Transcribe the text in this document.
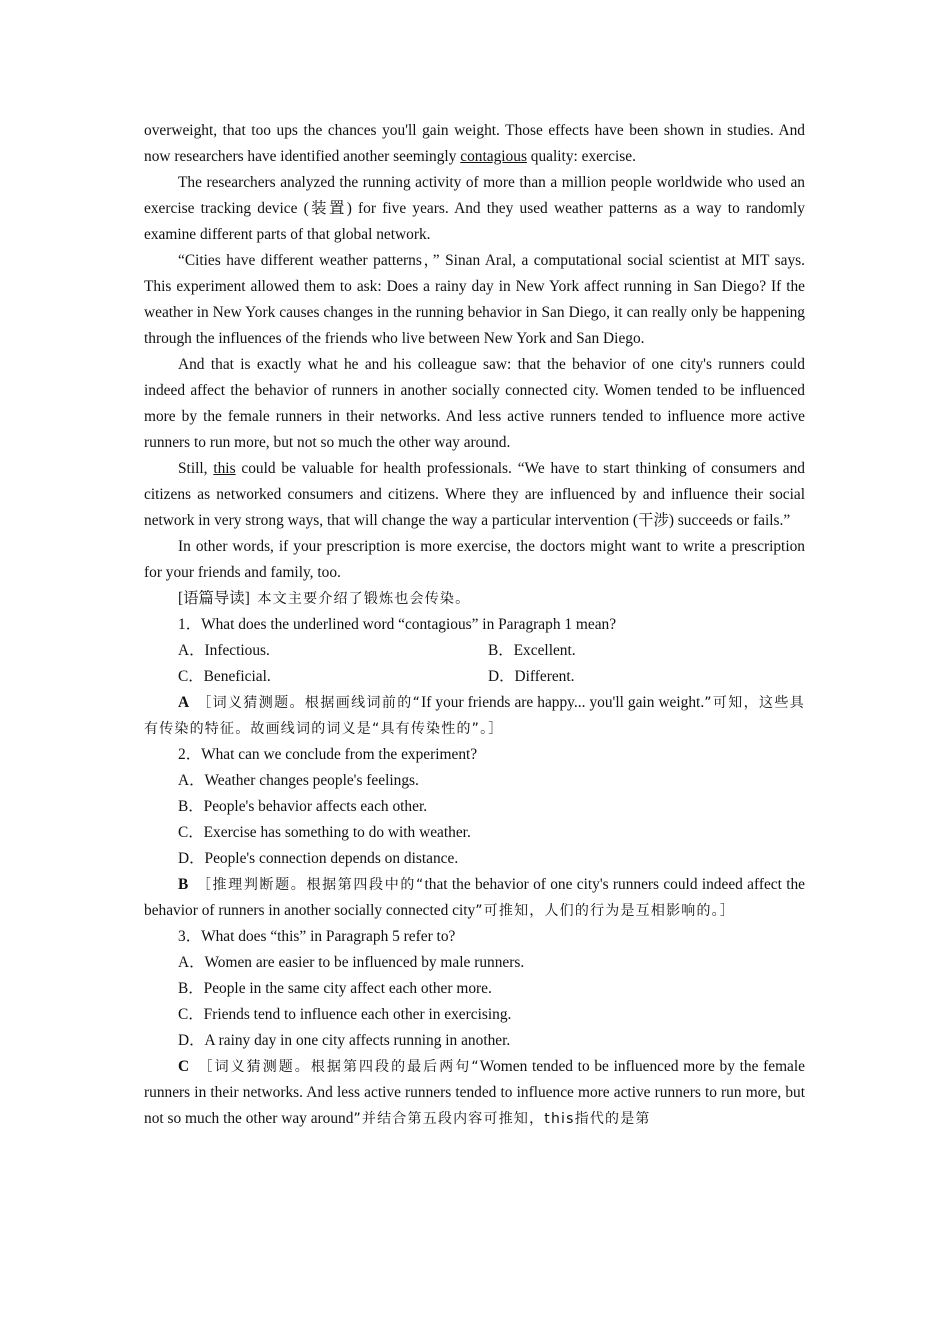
overweight, that too ups the chances you'll gain weight. Those effects have been shown in studies. And now researchers have identified another seemingly contagious quality: exercise.

The researchers analyzed the running activity of more than a million people worldwide who used an exercise tracking device (装置) for five years. And they used weather patterns as a way to randomly examine different parts of that global network.

“Cities have different weather patterns，” Sinan Aral, a computational social scientist at MIT says. This experiment allowed them to ask: Does a rainy day in New York affect running in San Diego? If the weather in New York causes changes in the running behavior in San Diego, it can really only be happening through the influences of the friends who live between New York and San Diego.

And that is exactly what he and his colleague saw: that the behavior of one city's runners could indeed affect the behavior of runners in another socially connected city. Women tended to be influenced more by the female runners in their networks. And less active runners tended to influence more active runners to run more, but not so much the other way around.

Still, this could be valuable for health professionals. “We have to start thinking of consumers and citizens as networked consumers and citizens. Where they are influenced by and influence their social network in very strong ways, that will change the way a particular intervention (干涉) succeeds or fails.”

In other words, if your prescription is more exercise, the doctors might want to write a prescription for your friends and family, too.

[语篇导读] 本文主要介绍了锻炼也会传染。

1．What does the underlined word “contagious” in Paragraph 1 mean?

A．Infectious.	B．Excellent.
C．Beneficial.	D．Different.

A ［词义猜测题。根据画线词前的“If your friends are happy... you'll gain weight.”可知，这些具有传染的特征。故画线词的词义是“具有传染性的”。］

2．What can we conclude from the experiment?

A．Weather changes people's feelings.

B．People's behavior affects each other.

C．Exercise has something to do with weather.

D．People's connection depends on distance.

B ［推理判断题。根据第四段中的“that the behavior of one city's runners could indeed affect the behavior of runners in another socially connected city”可推知，人们的行为是互相影响的。］

3．What does “this” in Paragraph 5 refer to?

A．Women are easier to be influenced by male runners.

B．People in the same city affect each other more.

C．Friends tend to influence each other in exercising.

D．A rainy day in one city affects running in another.

C ［词义猜测题。根据第四段的最后两句“Women tended to be influenced more by the female runners in their networks. And less active runners tended to influence more active runners to run more, but not so much the other way around”并结合第五段内容可推知，this指代的是第
